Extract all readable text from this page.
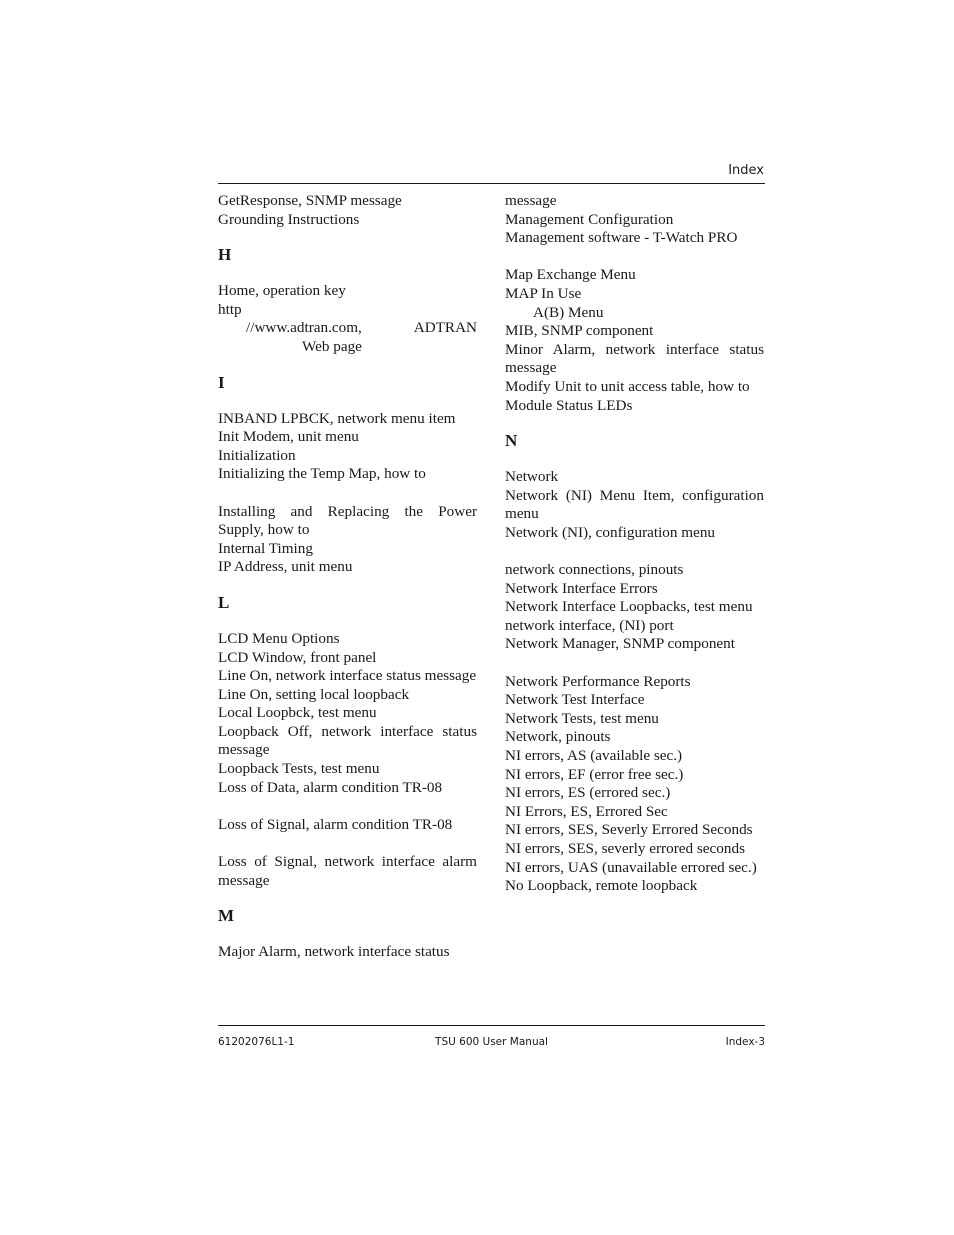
Index
GetResponse, SNMP message
Grounding Instructions
H
Home, operation key
http
//www.adtran.com, ADTRAN
Web page
I
INBAND LPBCK, network menu item
Init Modem, unit menu
Initialization
Initializing the Temp Map, how to
Installing and Replacing the Power Supply, how to
Internal Timing
IP Address, unit menu
L
LCD Menu Options
LCD Window, front panel
Line On, network interface status message
Line On, setting local loopback
Local Loopbck, test menu
Loopback Off, network interface status message
Loopback Tests, test menu
Loss of Data, alarm condition TR-08
Loss of Signal, alarm condition TR-08
Loss of Signal, network interface alarm message
M
Major Alarm, network interface status
message
Management Configuration
Management software - T-Watch PRO
Map Exchange Menu
MAP In Use
A(B) Menu
MIB, SNMP component
Minor Alarm, network interface status message
Modify Unit to unit access table, how to
Module Status LEDs
N
Network
Network (NI) Menu Item, configuration menu
Network (NI), configuration menu
network connections, pinouts
Network Interface Errors
Network Interface Loopbacks, test menu
network interface, (NI) port
Network Manager, SNMP component
Network Performance Reports
Network Test Interface
Network Tests, test menu
Network, pinouts
NI errors, AS (available sec.)
NI errors, EF (error free sec.)
NI errors, ES (errored sec.)
NI Errors, ES, Errored Sec
NI errors, SES, Severly Errored Seconds
NI errors, SES, severly errored seconds
NI errors, UAS (unavailable errored sec.)
No Loopback, remote loopback
61202076L1-1	TSU 600 User Manual	Index-3
